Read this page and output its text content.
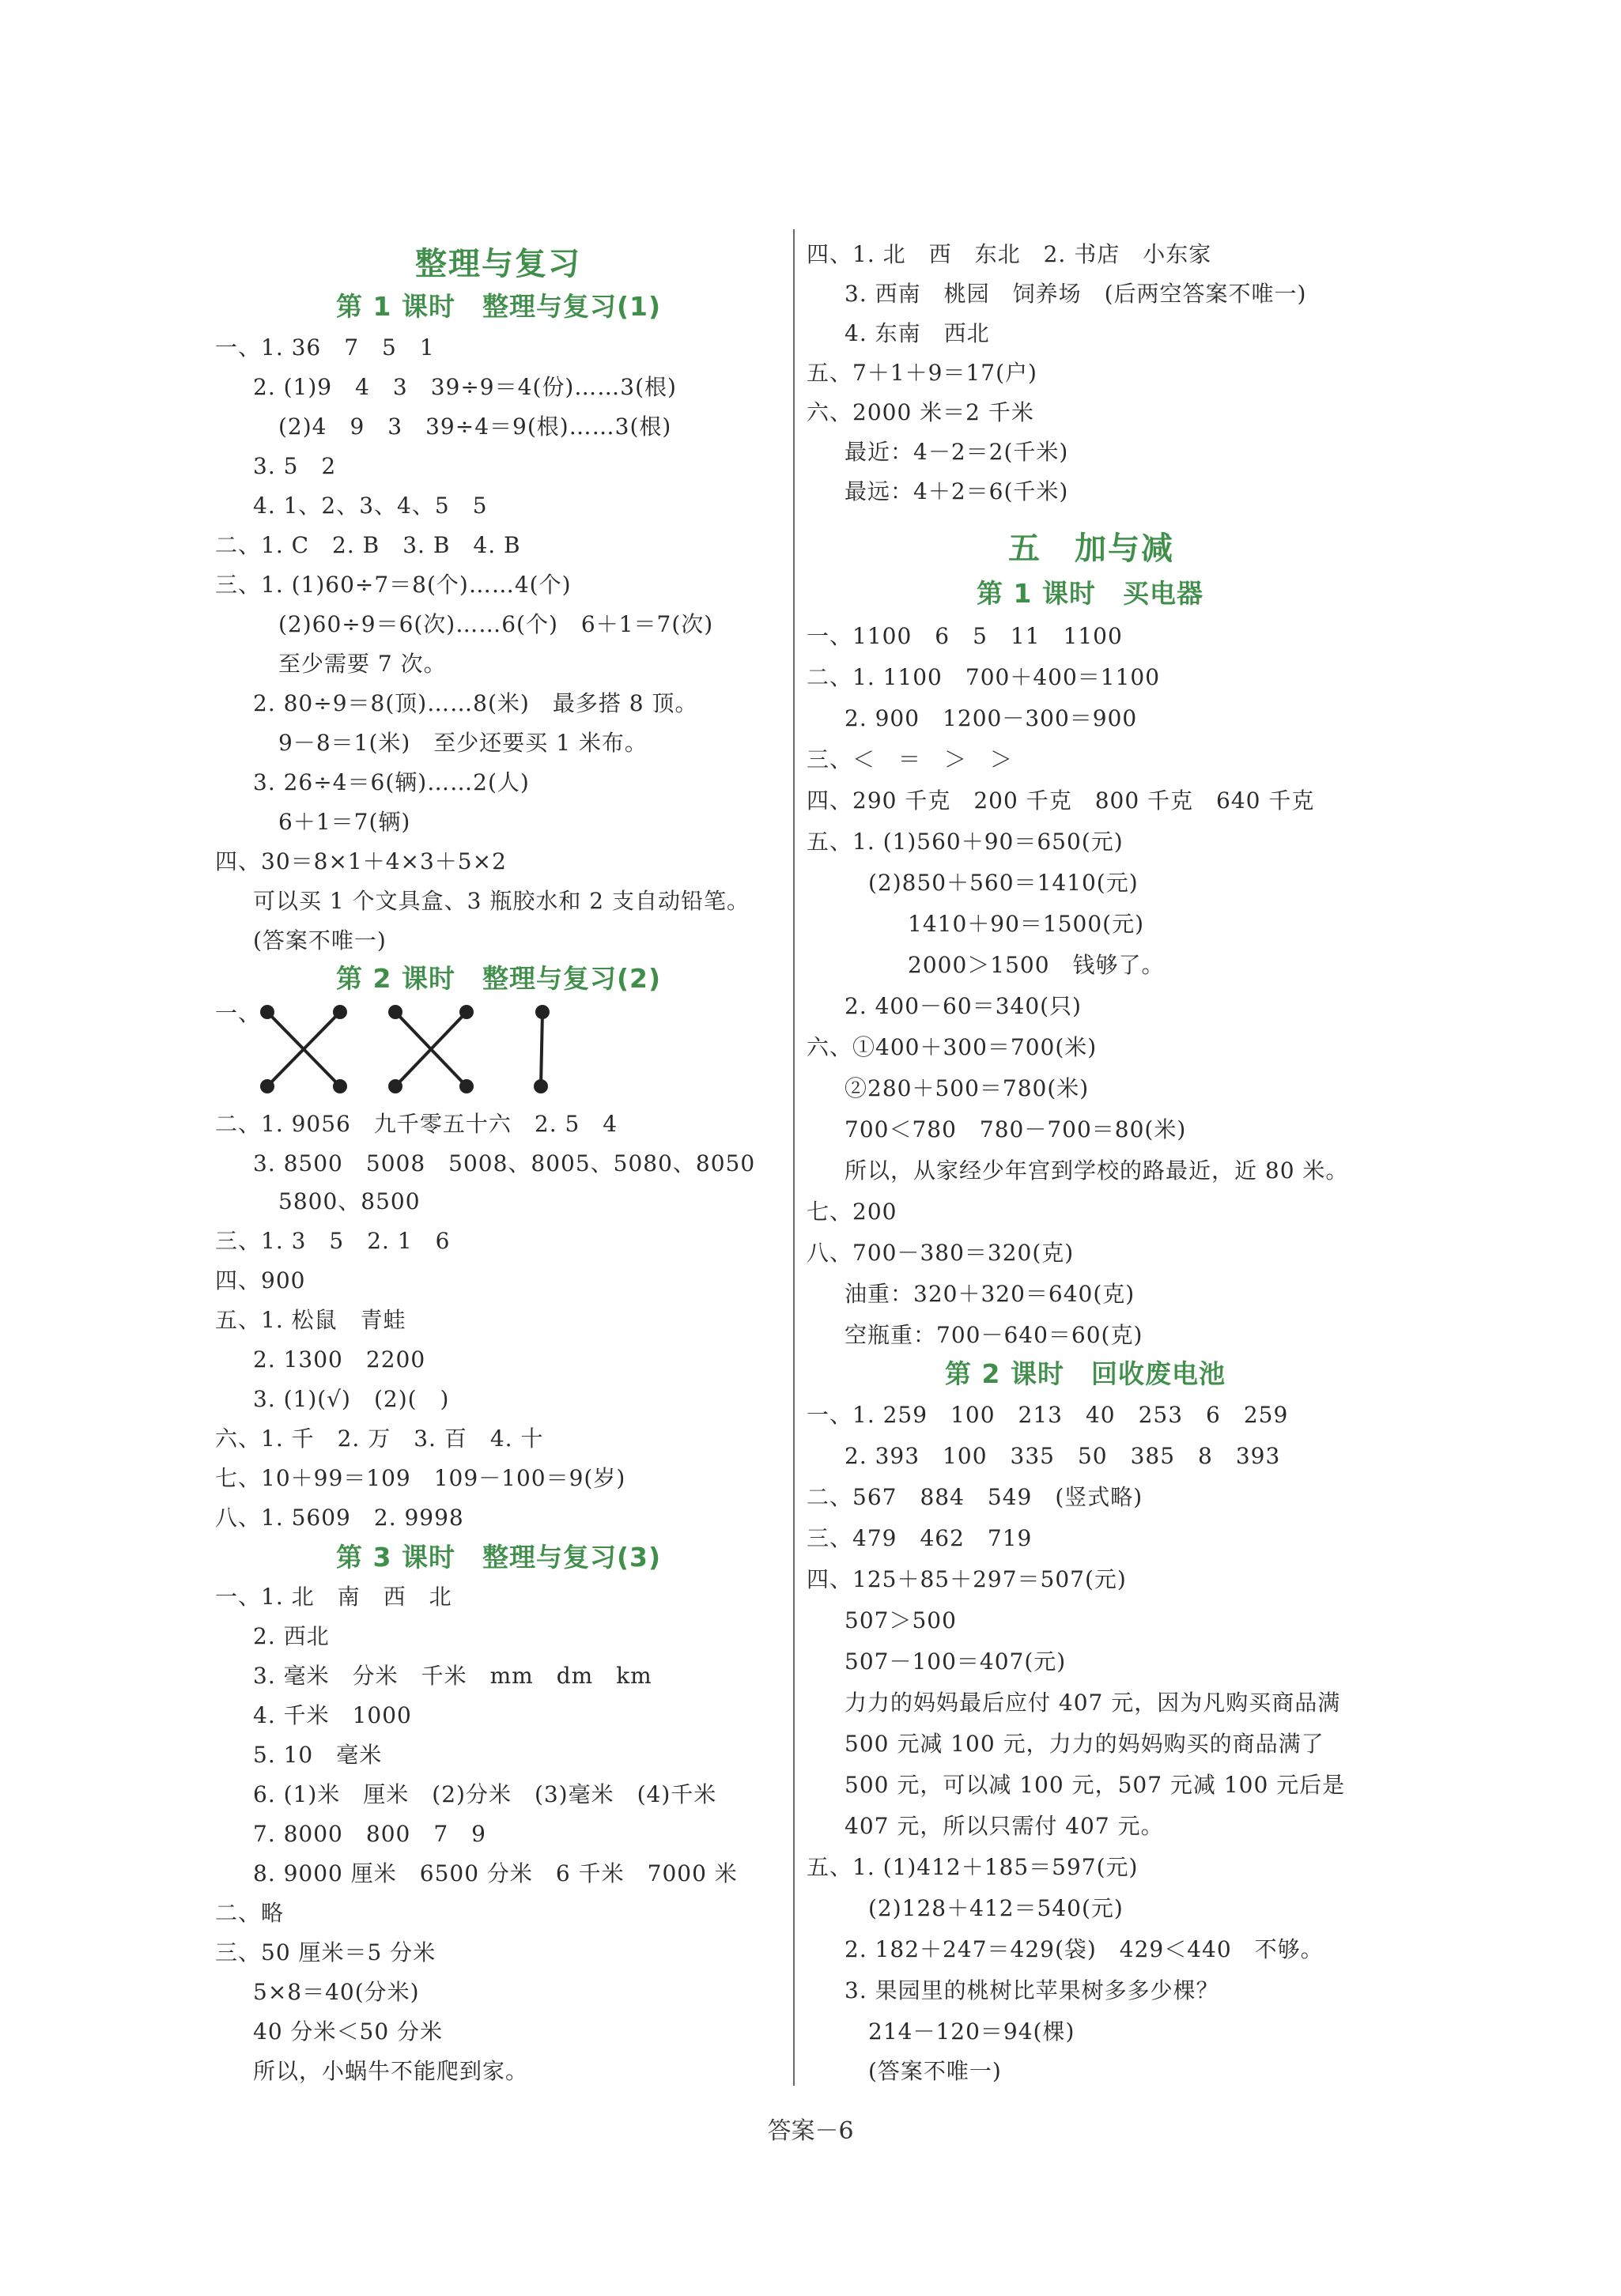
整理与复习
第 1 课时　整理与复习(1)
一、1. 36　7　5　1
2. (1)9　4　3　39÷9＝4(份)……3(根)
(2)4　9　3　39÷4＝9(根)……3(根)
3. 5　2
4. 1、2、3、4、5　5
二、1. C　2. B　3. B　4. B
三、1. (1)60÷7＝8(个)……4(个)
(2)60÷9＝6(次)……6(个)　6＋1＝7(次)
至少需要 7 次。
2. 80÷9＝8(顶)……8(米)　最多搭 8 顶。
9－8＝1(米)　至少还要买 1 米布。
3. 26÷4＝6(辆)……2(人)
6＋1＝7(辆)
四、30＝8×1＋4×3＋5×2
可以买 1 个文具盒、3 瓶胶水和 2 支自动铅笔。
(答案不唯一)
第 2 课时　整理与复习(2)
一、
二、1. 9056　九千零五十六　2. 5　4
3. 8500　5008　5008、8005、5080、8050
5800、8500
三、1. 3　5　2. 1　6
四、900
五、1. 松鼠　青蛙
2. 1300　2200
3. (1)(√)　(2)(　)
六、1. 千　2. 万　3. 百　4. 十
七、10＋99＝109　109－100＝9(岁)
八、1. 5609　2. 9998
第 3 课时　整理与复习(3)
一、1. 北　南　西　北
2. 西北
3. 毫米　分米　千米　mm　dm　km
4. 千米　1000
5. 10　毫米
6. (1)米　厘米　(2)分米　(3)毫米　(4)千米
7. 8000　800　7　9
8. 9000 厘米　6500 分米　6 千米　7000 米
二、略
三、50 厘米＝5 分米
5×8＝40(分米)
40 分米＜50 分米
所以，小蜗牛不能爬到家。
四、1. 北　西　东北　2. 书店　小东家
3. 西南　桃园　饲养场　(后两空答案不唯一)
4. 东南　西北
五、7＋1＋9＝17(户)
六、2000 米＝2 千米
最近：4－2＝2(千米)
最远：4＋2＝6(千米)
五　加与减
第 1 课时　买电器
一、1100　6　5　11　1100
二、1. 1100　700＋400＝1100
2. 900　1200－300＝900
三、＜　＝　＞　＞
四、290 千克　200 千克　800 千克　640 千克
五、1. (1)560＋90＝650(元)
(2)850＋560＝1410(元)
1410＋90＝1500(元)
2000＞1500　钱够了。
2. 400－60＝340(只)
六、①400＋300＝700(米)
②280＋500＝780(米)
700＜780　780－700＝80(米)
所以，从家经少年宫到学校的路最近，近 80 米。
七、200
八、700－380＝320(克)
油重：320＋320＝640(克)
空瓶重：700－640＝60(克)
第 2 课时　回收废电池
一、1. 259　100　213　40　253　6　259
2. 393　100　335　50　385　8　393
二、567　884　549　(竖式略)
三、479　462　719
四、125＋85＋297＝507(元)
507＞500
507－100＝407(元)
力力的妈妈最后应付 407 元，因为凡购买商品满
500 元减 100 元，力力的妈妈购买的商品满了
500 元，可以减 100 元，507 元减 100 元后是
407 元，所以只需付 407 元。
五、1. (1)412＋185＝597(元)
(2)128＋412＝540(元)
2. 182＋247＝429(袋)　429＜440　不够。
3. 果园里的桃树比苹果树多多少棵？
214－120＝94(棵)
(答案不唯一)
答案－6
